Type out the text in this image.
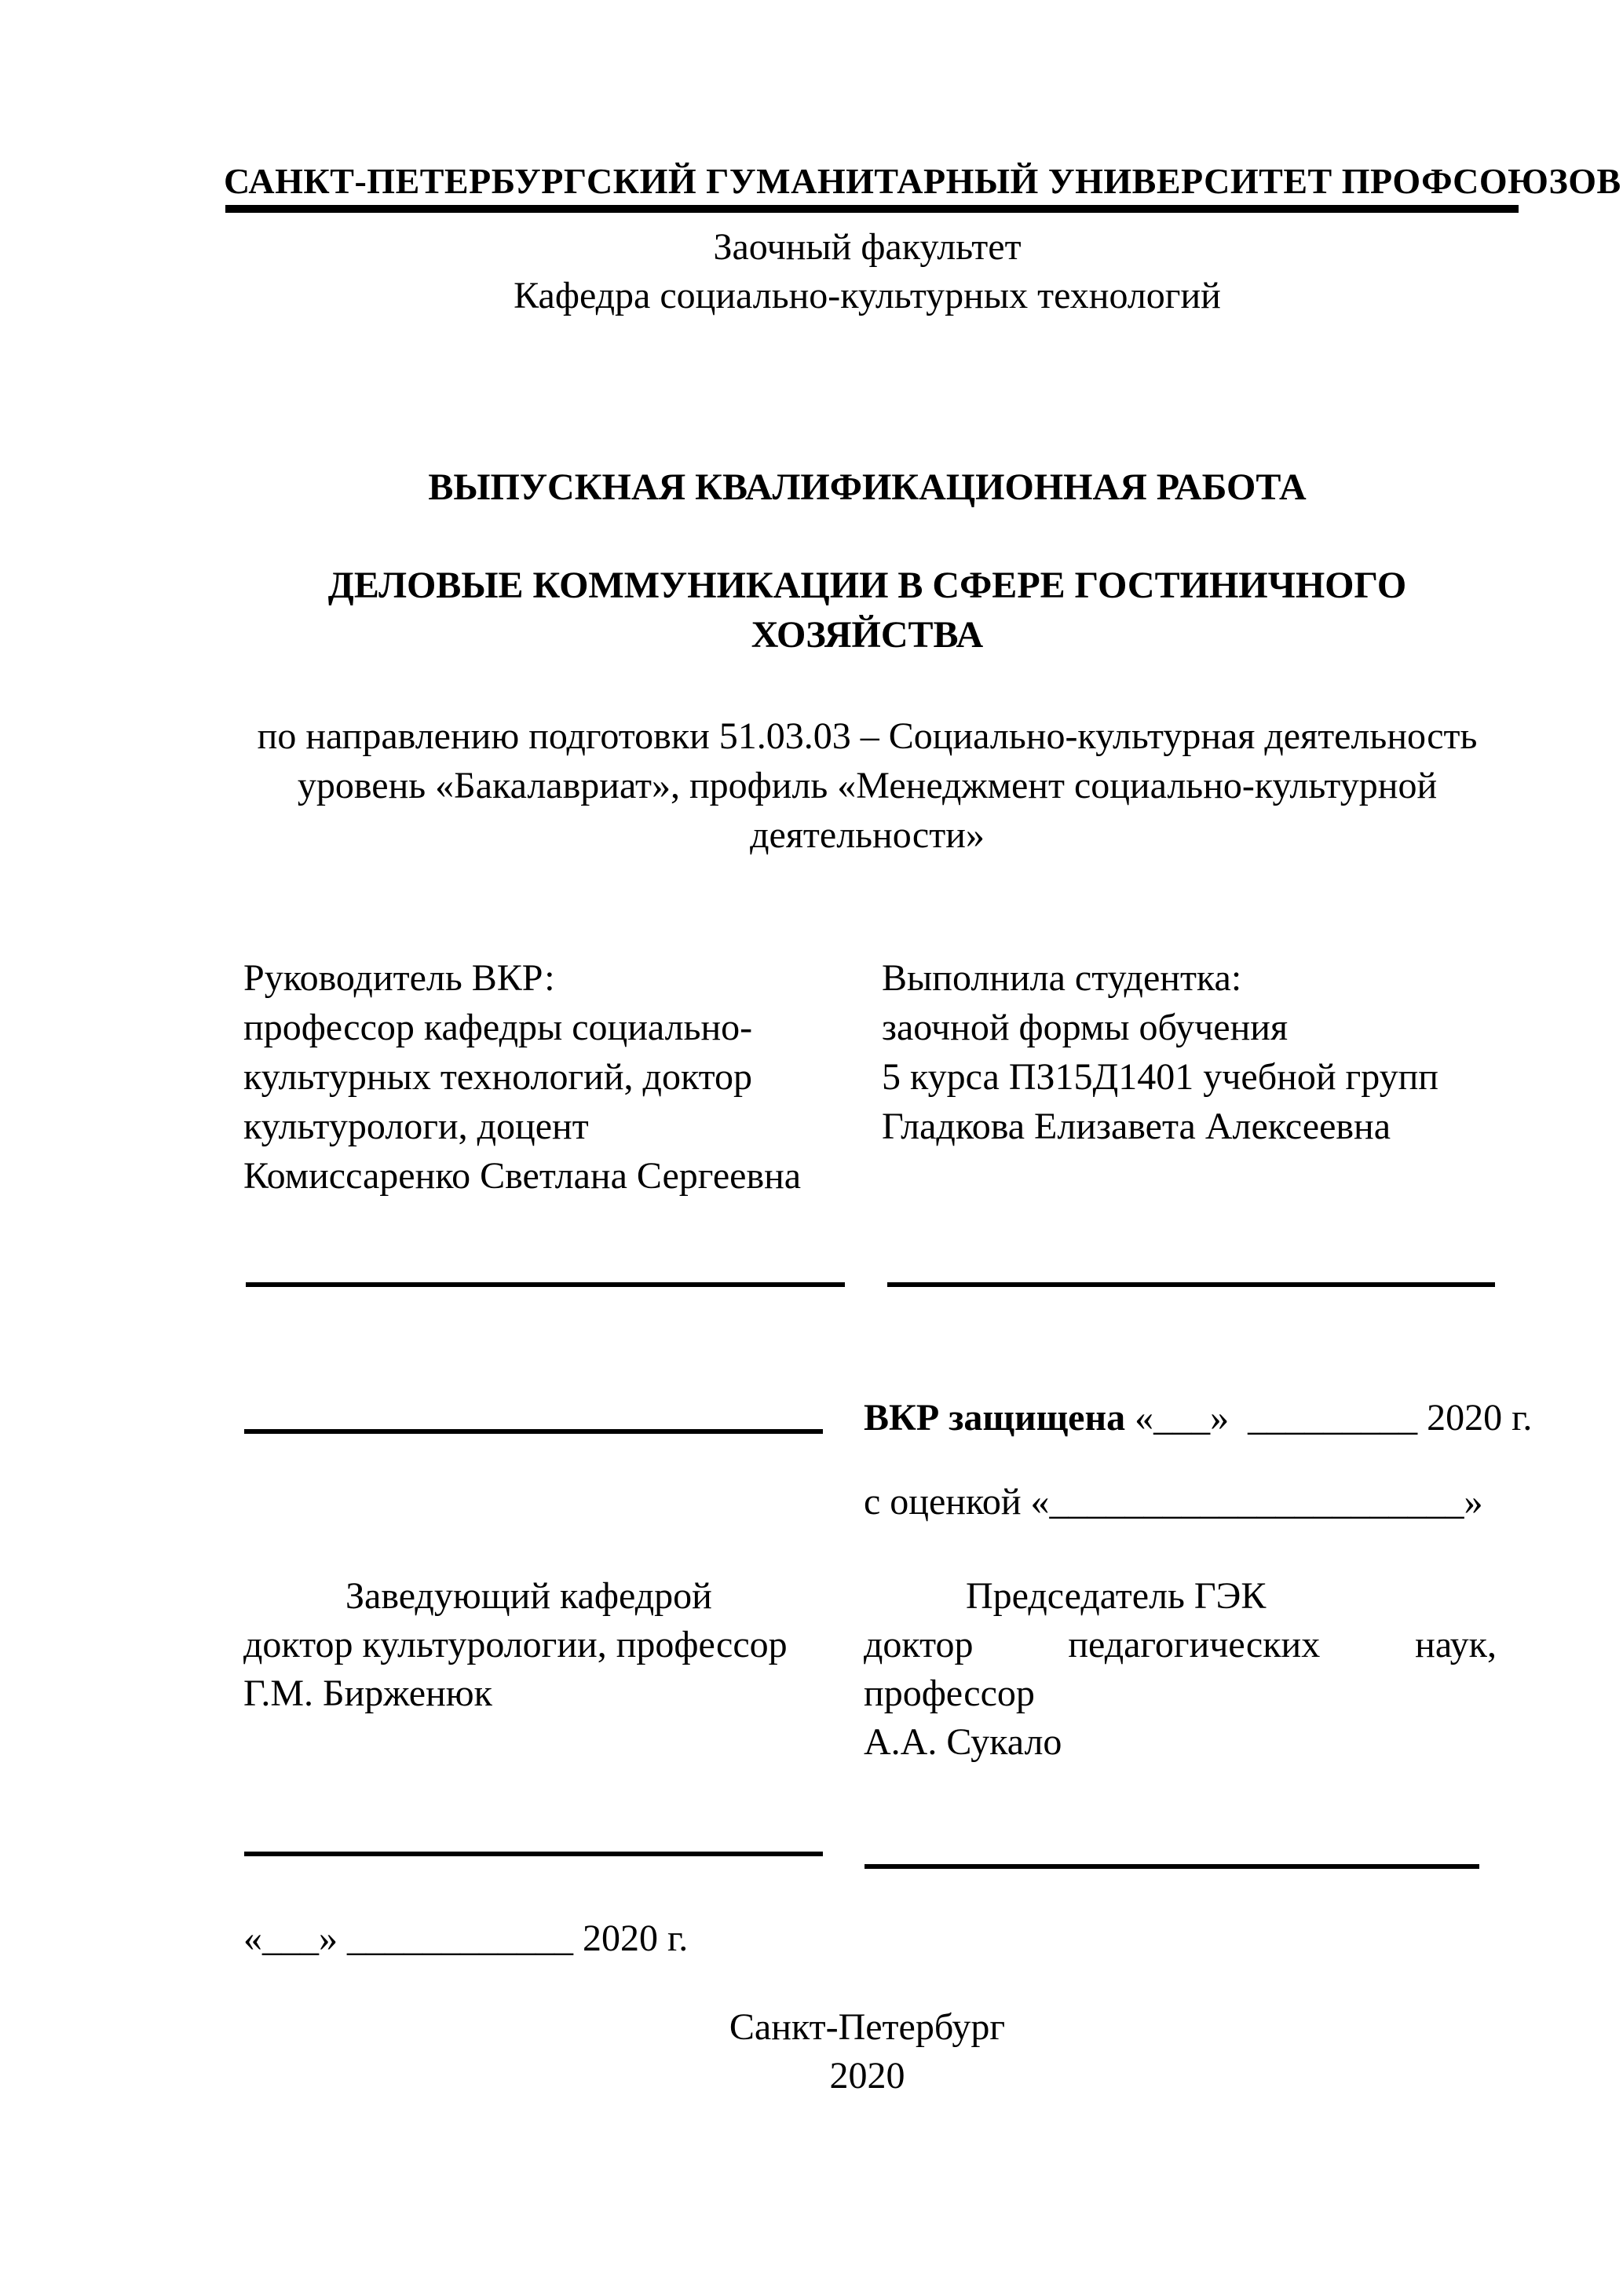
САНКТ-ПЕТЕРБУРГСКИЙ ГУМАНИТАРНЫЙ УНИВЕРСИТЕТ ПРОФСОЮЗОВ
Заочный факультет
Кафедра социально-культурных технологий
ВЫПУСКНАЯ КВАЛИФИКАЦИОННАЯ РАБОТА
ДЕЛОВЫЕ КОММУНИКАЦИИ В СФЕРЕ ГОСТИНИЧНОГО
ХОЗЯЙСТВА
по направлению подготовки 51.03.03 – Социально-культурная деятельность
уровень «Бакалавриат», профиль «Менеджмент социально-культурной
деятельности»
Руководитель ВКР:
профессор кафедры социально-
культурных технологий, доктор
культурологи, доцент
Комиссаренко Светлана Сергеевна
Выполнила студентка:
заочной формы обучения
5 курса ПЗ15Д1401 учебной групп
Гладкова Елизавета Алексеевна
ВКР защищена «___»  _________ 2020 г.
с оценкой «______________________»
Заведующий кафедрой
доктор культурологии, профессор
Г.М. Бирженюк
Председатель ГЭК
доктор педагогических наук,
профессор
А.А. Сукало
«___» ____________ 2020 г.
Санкт-Петербург
2020
